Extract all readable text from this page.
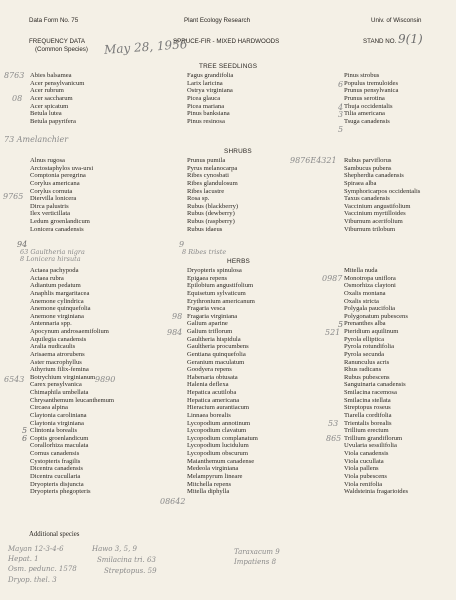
Data Form No. 75	Plant Ecology Research	Univ. of Wisconsin
FREQUENCY DATA
(Common Species) May 28, 1956
SPRUCE-FIR - MIXED HARDWOODS	STAND NO. 9(1)
TREE SEEDLINGS
Abies balsamea
Acer pensylvanicum
Acer rubrum
Acer saccharum
Acer spicatum
Betula lutea
Betula papyrifera
Fagus grandifolia
Larix laricina
Ostrya virginiana
Picea glauca
Picea mariana
Pinus banksiana
Pinus resinosa
Pinus strobus
Populus tremuloides
Prunus pensylvanica
Prunus serotina
Thuja occidentalis
Tilia americana
Tsuga canadensis
8763
08
73 Amelanchier
6
4
3
5
SHRUBS
Alnus rugosa
Arctostaphylos uva-ursi
Comptonia peregrina
Corylus americana
Corylus cornuta
Diervilla lonicera
Dirca palustris
Ilex verticillata
Ledum groenlandicum
Lonicera canadensis
Prunus pumila
Pyrus melanocarpa
Ribes cynosbati
Ribes glandulosum
Ribes lacustre
Rosa sp.
Rubus (blackberry)
Rubus (dewberry)
Rubus (raspberry)
Rubus idaeus
Rubus parviflorus
Sambucus pubens
Shepherdia canadensis
Spiraea alba
Symphoricarpos occidentalis
Taxus canadensis
Vaccinium angustifolium
Vaccinium myrtilloides
Viburnum acerifolium
Viburnum trilobum
9765
94
63 Gaultheria nigra
8 Lonicera hirsuta
9
8 Ribes triste
9876E4321
HERBS
Actaea pachypoda
Actaea rubra
Adiantum pedatum
Anaphlis margaritacea
Anemone cylindrica
Anemone quinquefolia
Anemone virginiana
Antennaria spp.
Apocynum androsaemifolium
Aquilegia canadensis
Aralia nudicaulis
Arisaema atrorubens
Aster macrophyllus
Athyrium filix-femina
Botrychium virginianum
Carex pensylvanica
Chimaphila umbellata
Chrysanthemum leucanthemum
Circaea alpina
Claytonia caroliniana
Claytonia virginiana
Clintonia borealis
Coptis groenlandicum
Corallorhiza maculata
Cornus canadensis
Cystopteris fragilis
Dicentra canadensis
Dicentra cucullaria
Dryopteris disjuncta
Dryopteris phegopteris
Dryopteris spinulosa
Epigaea repens
Epilobium angustifolium
Equisetum sylvaticum
Erythronium americanum
Fragaria vesca
Fragaria virginiana
Galium aparine
Galium triflorum
Gaultheria hispidula
Gaultheria procumbens
Gentiana quinquefolia
Geranium maculatum
Goodyera repens
Habenaria obtusata
Halenia deflexa
Hepatica acutiloba
Hepatica americana
Hieracium aurantiacum
Linnaea borealis
Lycopodium annotinum
Lycopodium clavatum
Lycopodium complanatum
Lycopodium lucidulum
Lycopodium obscurum
Maianthemum canadense
Medeola virginiana
Melampyrum lineare
Mitchella repens
Mitella diphylla
Mitella nuda
Monotropa uniflora
Osmorhiza claytoni
Oxalis montana
Oxalis stricta
Polygala paucifolia
Polygonatum pubescens
Prenanthes alba
Pteridium aquilinum
Pyrola elliptica
Pyrola rotundifolia
Pyrola secunda
Ranunculus acris
Rhus radicans
Rubus pubescens
Sanguinaria canadensis
Smilacina racemosa
Smilacina stellata
Streptopus roseus
Tiarella cordifolia
Trientalis borealis
Trillium erectum
Trillium grandiflorum
Uvularia sessilifolia
Viola canadensis
Viola cucullata
Viola pallens
Viola pubescens
Viola renifolia
Waldsteinia fragarioides
6543	9890
5
6
98
984
08642
0987
5
521
53
865
Additional species
Mayan 12-3-4-6
Hepat. 1
Osm. pedunc. 1578
Dryop. thel. 3
Hawo 3, 5, 9
Smilacina tri. 63
Streptopus. 59
Taraxacum 9
Impatiens 8
